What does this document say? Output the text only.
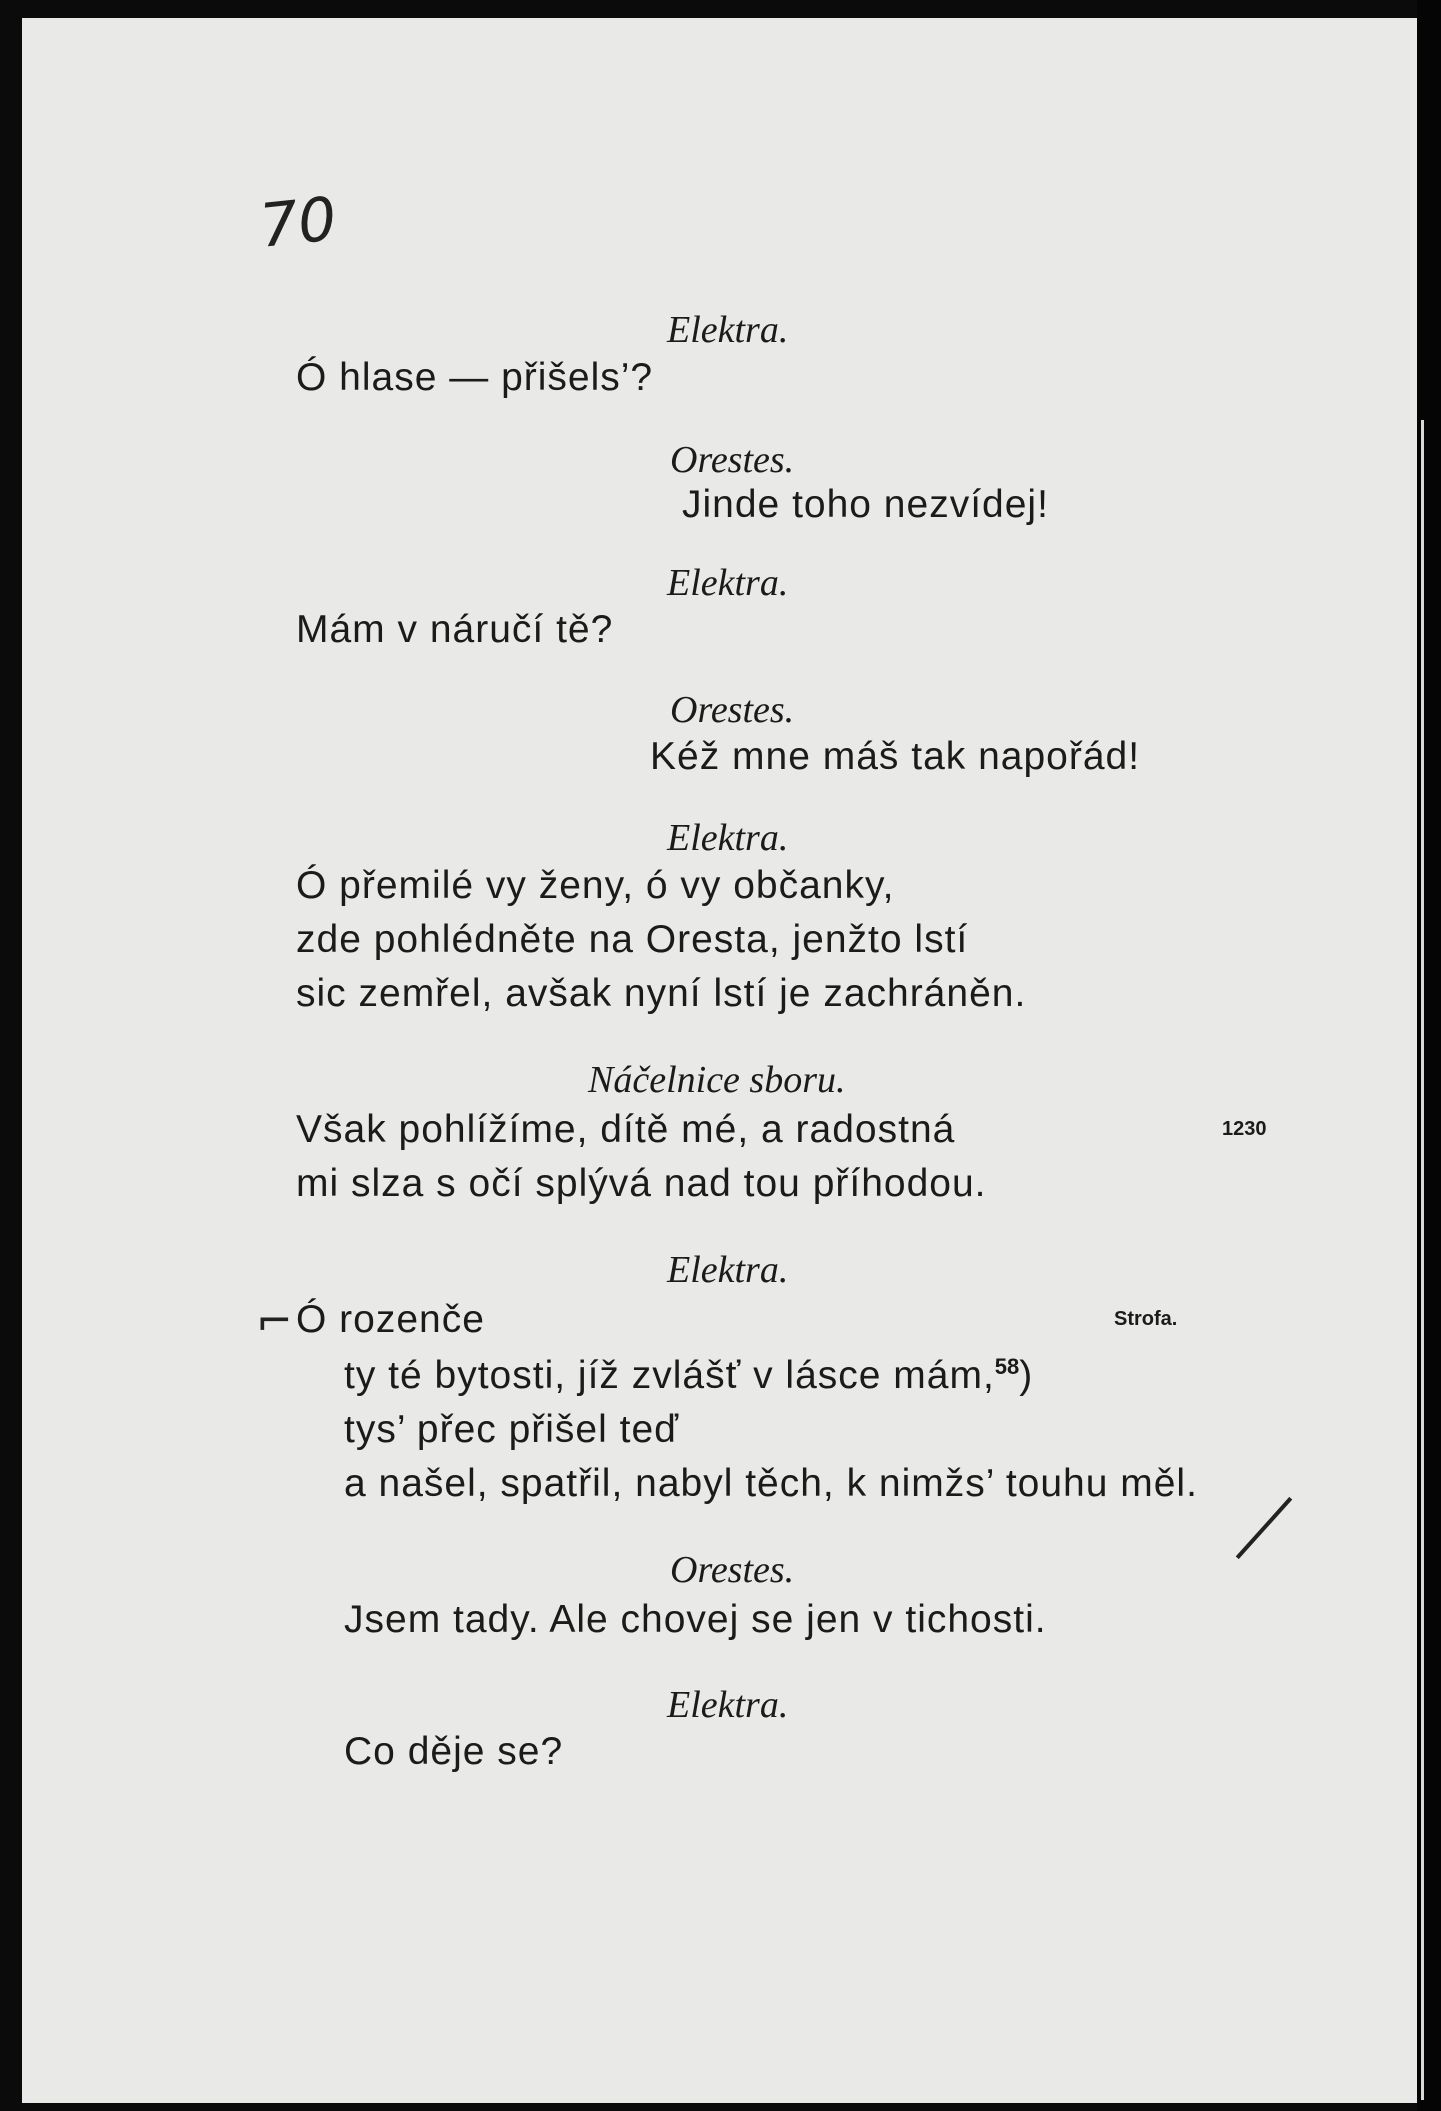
70
Elektra.
Ó hlase — přišels’?
Orestes.
Jinde toho nezvídej!
Elektra.
Mám v náručí tě?
Orestes.
Kéž mne máš tak napořád!
Elektra.
Ó přemilé vy ženy, ó vy občanky,
zde pohlédněte na Oresta, jenžto lstí
sic zemřel, avšak nyní lstí je zachráněn.
Náčelnice sboru.
Však pohlížíme, dítě mé, a radostná
mi slza s očí splývá nad tou příhodou.
1230
Elektra.
Ó rozenče	Strofa.
ty té bytosti, jíž zvlášť v lásce mám,$^{58}$)
tys’ přec přišel teď
a našel, spatřil, nabyl těch, k nimžs’ touhu měl.
Orestes.
Jsem tady. Ale chovej se jen v tichosti.
Elektra.
Co děje se?
⌐
